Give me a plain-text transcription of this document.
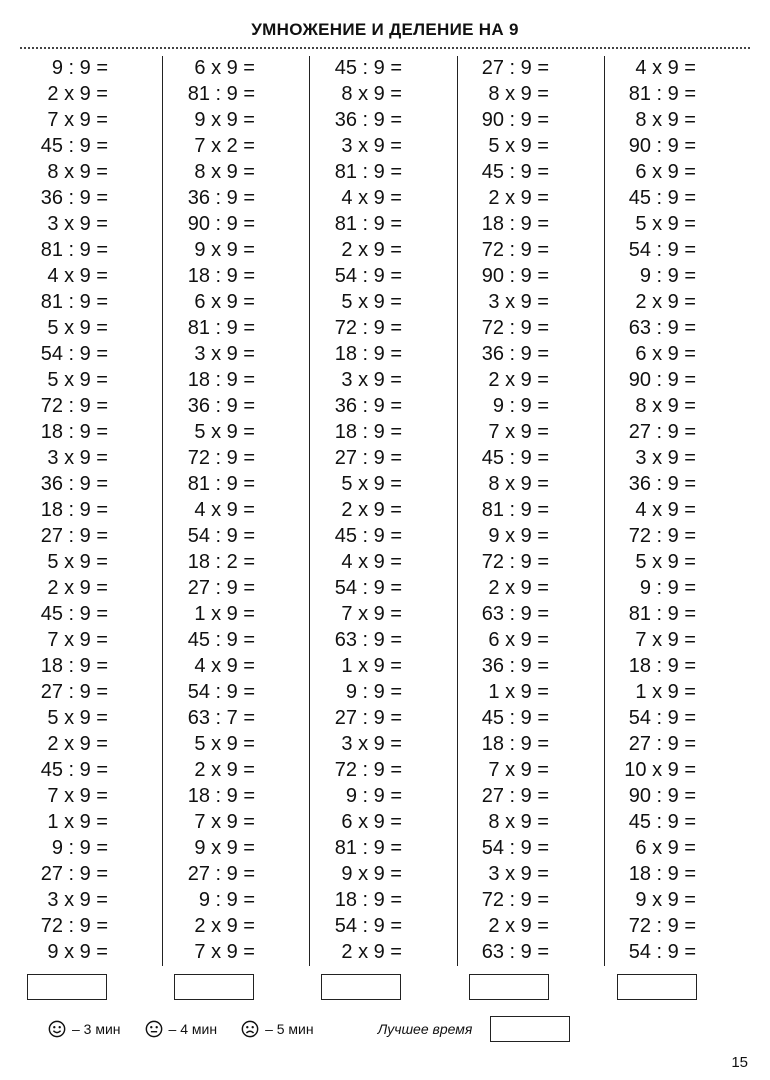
УМНОЖЕНИЕ И ДЕЛЕНИЕ НА 9
9 : 9 =
2 x 9 =
7 x 9 =
45 : 9 =
8 x 9 =
36 : 9 =
3 x 9 =
81 : 9 =
4 x 9 =
81 : 9 =
5 x 9 =
54 : 9 =
5 x 9 =
72 : 9 =
18 : 9 =
3 x 9 =
36 : 9 =
18 : 9 =
27 : 9 =
5 x 9 =
2 x 9 =
45 : 9 =
7 x 9 =
18 : 9 =
27 : 9 =
5 x 9 =
2 x 9 =
45 : 9 =
7 x 9 =
1 x 9 =
9 : 9 =
27 : 9 =
3 x 9 =
72 : 9 =
9 x 9 =
6 x 9 =
81 : 9 =
9 x 9 =
7 x 2 =
8 x 9 =
36 : 9 =
90 : 9 =
9 x 9 =
18 : 9 =
6 x 9 =
81 : 9 =
3 x 9 =
18 : 9 =
36 : 9 =
5 x 9 =
72 : 9 =
81 : 9 =
4 x 9 =
54 : 9 =
18 : 2 =
27 : 9 =
1 x 9 =
45 : 9 =
4 x 9 =
54 : 9 =
63 : 7 =
5 x 9 =
2 x 9 =
18 : 9 =
7 x 9 =
9 x 9 =
27 : 9 =
9 : 9 =
2 x 9 =
7 x 9 =
45 : 9 =
8 x 9 =
36 : 9 =
3 x 9 =
81 : 9 =
4 x 9 =
81 : 9 =
2 x 9 =
54 : 9 =
5 x 9 =
72 : 9 =
18 : 9 =
3 x 9 =
36 : 9 =
18 : 9 =
27 : 9 =
5 x 9 =
2 x 9 =
45 : 9 =
4 x 9 =
54 : 9 =
7 x 9 =
63 : 9 =
1 x 9 =
9 : 9 =
27 : 9 =
3 x 9 =
72 : 9 =
9 : 9 =
6 x 9 =
81 : 9 =
9 x 9 =
18 : 9 =
54 : 9 =
2 x 9 =
27 : 9 =
8 x 9 =
90 : 9 =
5 x 9 =
45 : 9 =
2 x 9 =
18 : 9 =
72 : 9 =
90 : 9 =
3 x 9 =
72 : 9 =
36 : 9 =
2 x 9 =
9 : 9 =
7 x 9 =
45 : 9 =
8 x 9 =
81 : 9 =
9 x 9 =
72 : 9 =
2 x 9 =
63 : 9 =
6 x 9 =
36 : 9 =
1 x 9 =
45 : 9 =
18 : 9 =
7 x 9 =
27 : 9 =
8 x 9 =
54 : 9 =
3 x 9 =
72 : 9 =
2 x 9 =
63 : 9 =
4 x 9 =
81 : 9 =
8 x 9 =
90 : 9 =
6 x 9 =
45 : 9 =
5 x 9 =
54 : 9 =
9 : 9 =
2 x 9 =
63 : 9 =
6 x 9 =
90 : 9 =
8 x 9 =
27 : 9 =
3 x 9 =
36 : 9 =
4 x 9 =
72 : 9 =
5 x 9 =
9 : 9 =
81 : 9 =
7 x 9 =
18 : 9 =
1 x 9 =
54 : 9 =
27 : 9 =
10 x 9 =
90 : 9 =
45 : 9 =
6 x 9 =
18 : 9 =
9 x 9 =
72 : 9 =
54 : 9 =
– 3 мин	– 4 мин	– 5 мин	Лучшее время
15
